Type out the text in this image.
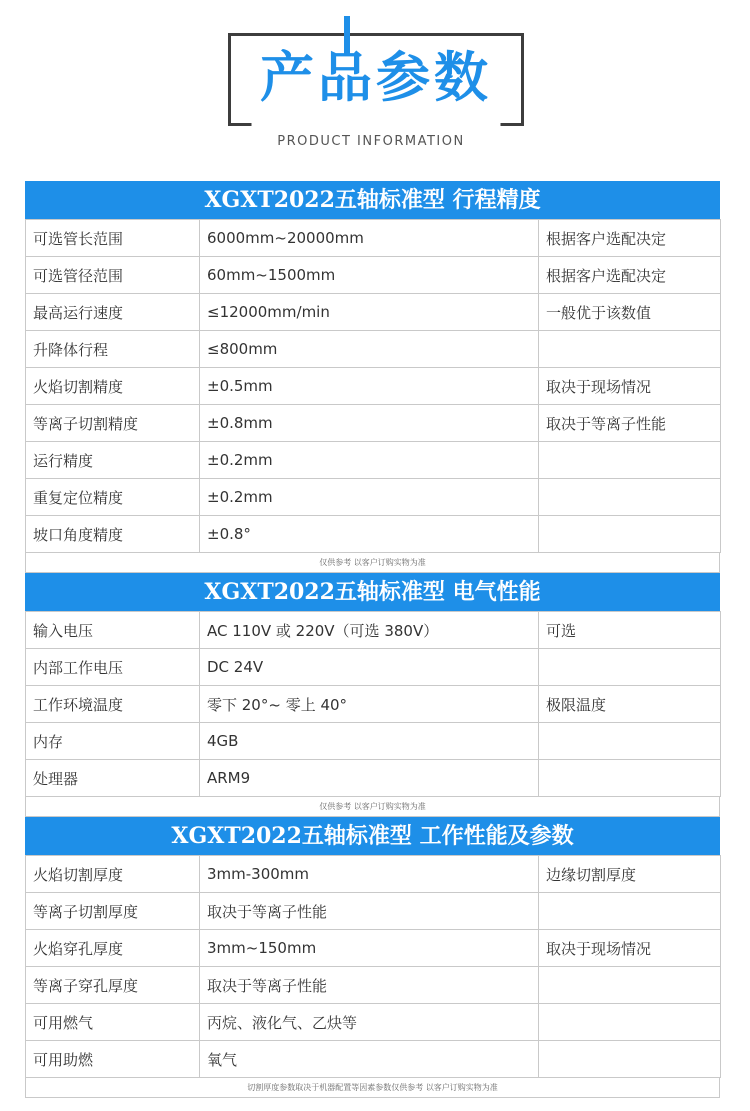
产品参数
PRODUCT INFORMATION
XGXT2022五轴标准型 行程精度
可选管长范围	6000mm~20000mm	根据客户选配决定
可选管径范围	60mm~1500mm	根据客户选配决定
最高运行速度	≤12000mm/min	一般优于该数值
升降体行程	≤800mm	
火焰切割精度	±0.5mm	取决于现场情况
等离子切割精度	±0.8mm	取决于等离子性能
运行精度	±0.2mm	
重复定位精度	±0.2mm	
坡口角度精度	±0.8°	
仅供参考 以客户订购实物为准
XGXT2022五轴标准型 电气性能
输入电压	AC 110V 或 220V（可选 380V）	可选
内部工作电压	DC 24V	
工作环境温度	零下 20°~ 零上 40°	极限温度
内存	4GB	
处理器	ARM9	
仅供参考 以客户订购实物为准
XGXT2022五轴标准型 工作性能及参数
火焰切割厚度	3mm-300mm	边缘切割厚度
等离子切割厚度	取决于等离子性能	
火焰穿孔厚度	3mm~150mm	取决于现场情况
等离子穿孔厚度	取决于等离子性能	
可用燃气	丙烷、液化气、乙炔等	
可用助燃	氧气	
切割厚度参数取决于机器配置等因素参数仅供参考 以客户订购实物为准
